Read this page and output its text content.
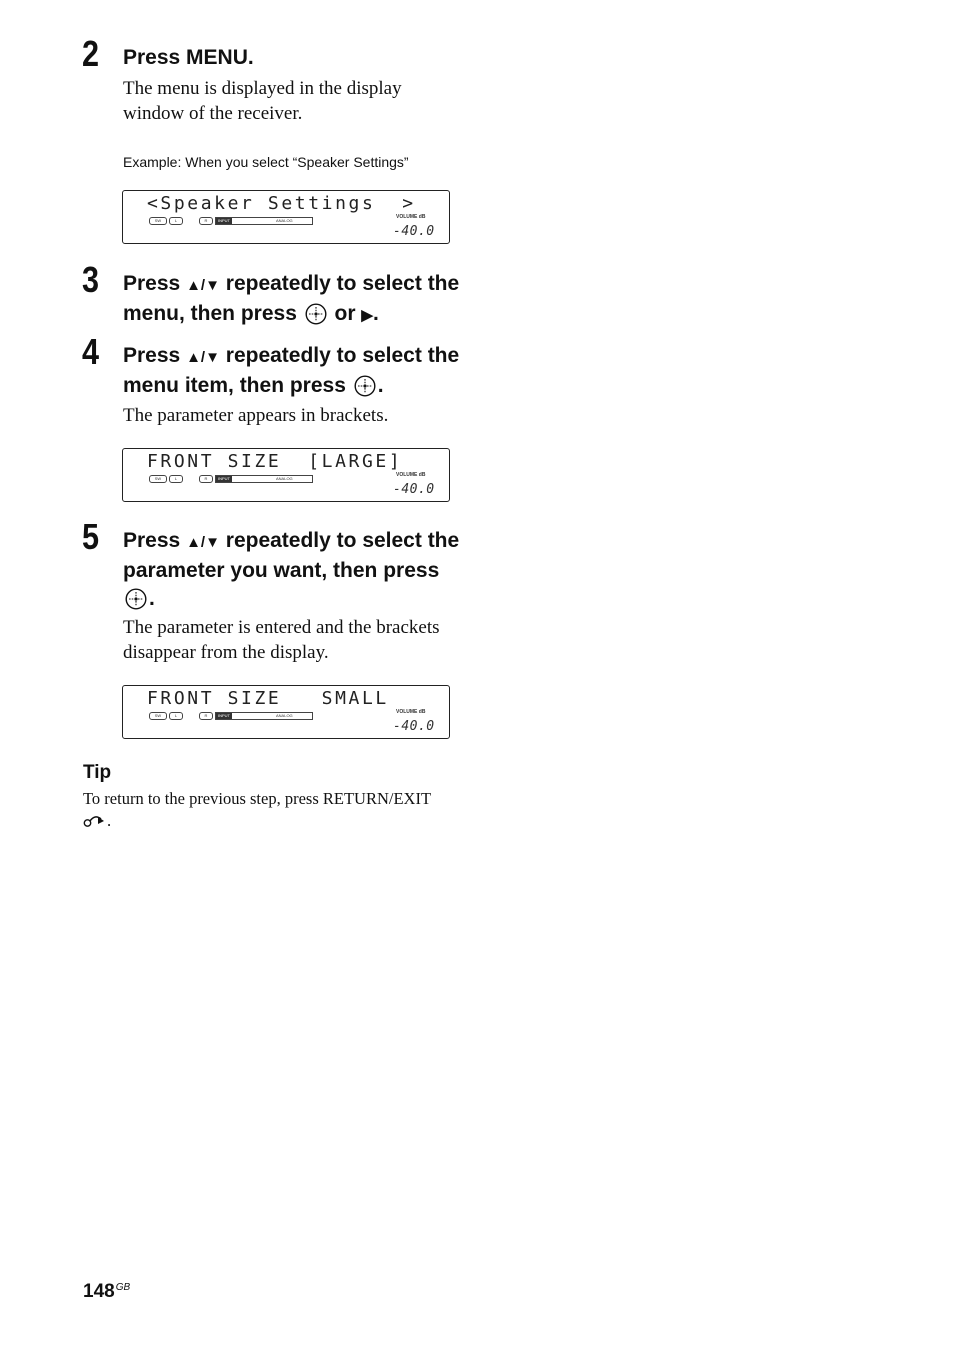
2 Press MENU.
The menu is displayed in the display window of the receiver.
Example: When you select “Speaker Settings”
<Speaker Settings  >
SW	L	R	INPUT	ANALOG
VOLUME dB
-40.0
3 Press ▲/▼ repeatedly to select the menu, then press  or ▶.
4 Press ▲/▼ repeatedly to select the menu item, then press .
The parameter appears in brackets.
FRONT SIZE  [LARGE]
SW	L	R	INPUT	ANALOG
VOLUME dB
-40.0
5 Press ▲/▼ repeatedly to select the parameter you want, then press .
The parameter is entered and the brackets disappear from the display.
FRONT SIZE   SMALL
SW	L	R	INPUT	ANALOG
VOLUME dB
-40.0
Tip
To return to the previous step, press RETURN/EXIT
.
$148^{GB}$
